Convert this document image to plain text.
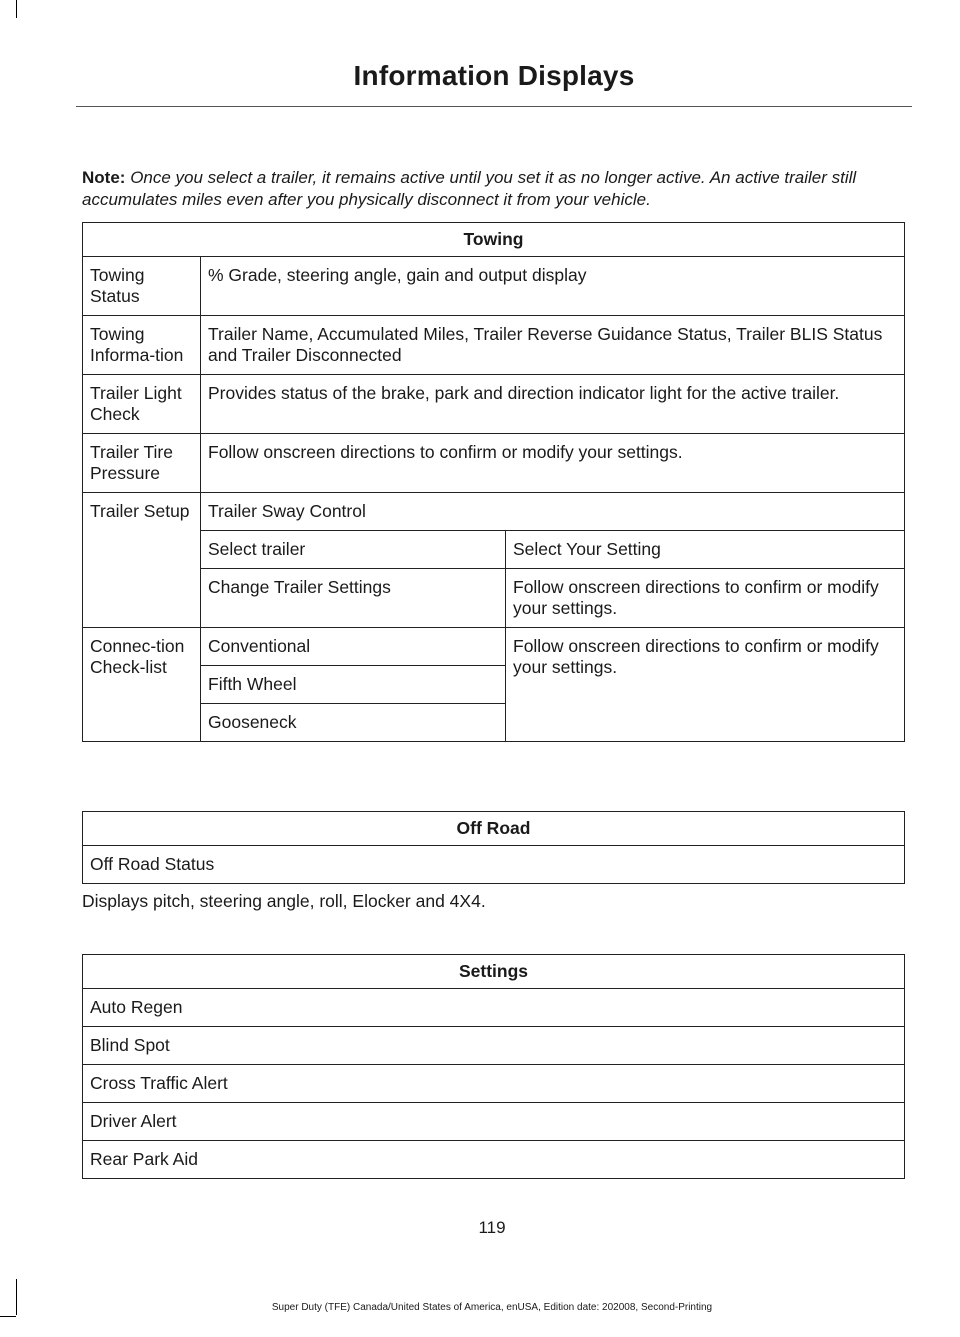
Information Displays

Note: Once you select a trailer, it remains active until you set it as no longer active. An active trailer still accumulates miles even after you physically disconnect it from your vehicle.

Towing		
Towing Status	% Grade, steering angle, gain and output display	
Towing Informa-tion	Trailer Name, Accumulated Miles, Trailer Reverse Guidance Status, Trailer BLIS Status and Trailer Disconnected	
Trailer Light Check	Provides status of the brake, park and direction indicator light for the active trailer.	
Trailer Tire Pressure	Follow onscreen directions to confirm or modify your settings.	
Trailer Setup	Trailer Sway Control	
	Select trailer	Select Your Setting
	Change Trailer Settings	Follow onscreen directions to confirm or modify your settings.
Connec-tion Check-list	Conventional	Follow onscreen directions to confirm or modify your settings.
	Fifth Wheel	
	Gooseneck	
Off Road
Off Road Status

Displays pitch, steering angle, roll, Elocker and 4X4.

Settings
Auto Regen
Blind Spot
Cross Traffic Alert
Driver Alert
Rear Park Aid
119
Super Duty (TFE) Canada/United States of America, enUSA, Edition date: 202008, Second-Printing
